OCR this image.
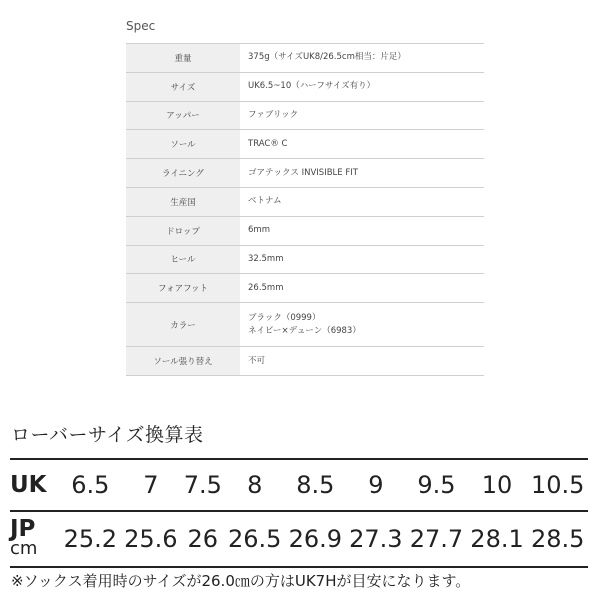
Spec
重量	375g（サイズUK8/26.5cm相当：片足）
サイズ	UK6.5~10（ハーフサイズ有り）
アッパー	ファブリック
ソール	TRAC® C
ライニング	ゴアテックス INVISIBLE FIT
生産国	ベトナム
ドロップ	6mm
ヒール	32.5mm
フォアフット	26.5mm
カラー	ブラック（0999）
ネイビー×デューン（6983）

ソール張り替え	不可
ローバーサイズ換算表
UK	6.5	7	7.5	8	8.5	9	9.5	10	10.5
JP
cm	25.2	25.6	26	26.5	26.9	27.3	27.7	28.1	28.5
※ソックス着用時のサイズが26.0㎝の方はUK7Hが目安になります。
